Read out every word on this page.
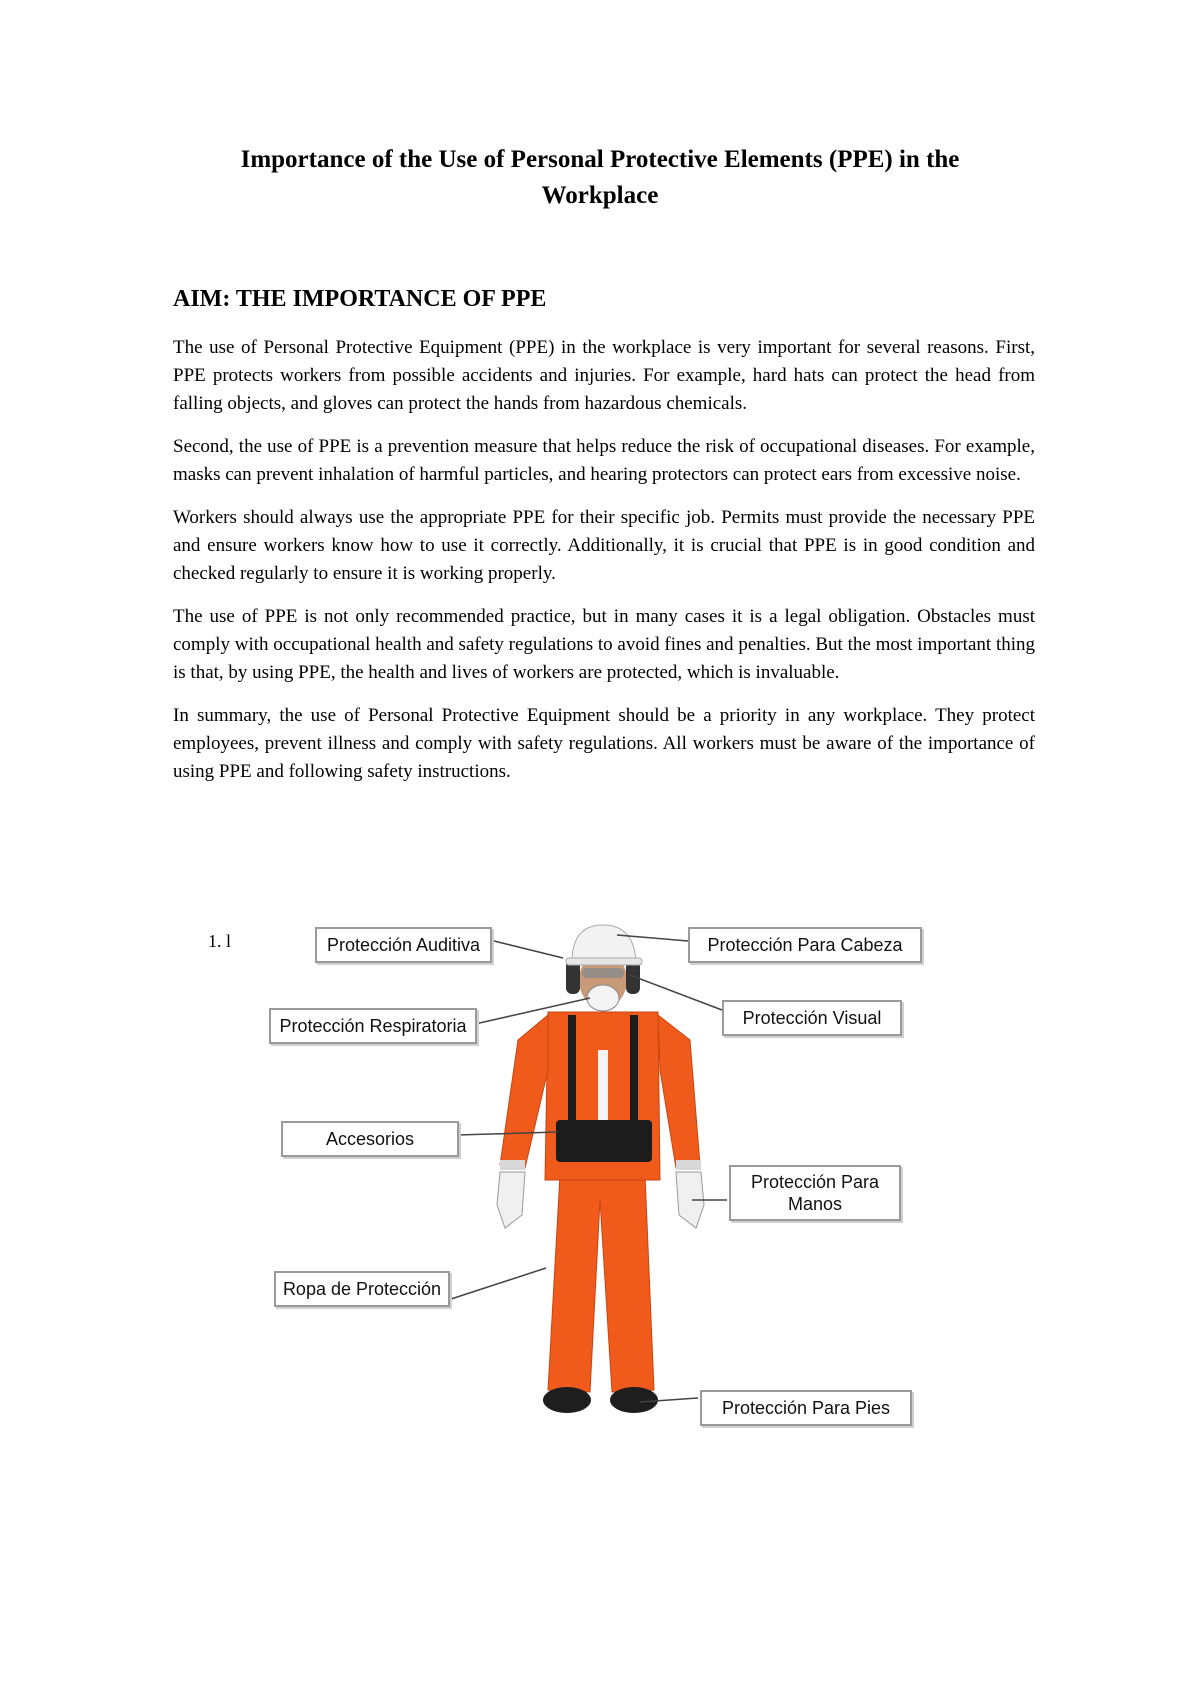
Importance of the Use of Personal Protective Elements (PPE) in the Workplace
AIM: THE IMPORTANCE OF PPE

The use of Personal Protective Equipment (PPE) in the workplace is very important for several reasons. First, PPE protects workers from possible accidents and injuries. For example, hard hats can protect the head from falling objects, and gloves can protect the hands from hazardous chemicals.

Second, the use of PPE is a prevention measure that helps reduce the risk of occupational diseases. For example, masks can prevent inhalation of harmful particles, and hearing protectors can protect ears from excessive noise.

Workers should always use the appropriate PPE for their specific job. Permits must provide the necessary PPE and ensure workers know how to use it correctly. Additionally, it is crucial that PPE is in good condition and checked regularly to ensure it is working properly.

The use of PPE is not only recommended practice, but in many cases it is a legal obligation. Obstacles must comply with occupational health and safety regulations to avoid fines and penalties. But the most important thing is that, by using PPE, the health and lives of workers are protected, which is invaluable.

In summary, the use of Personal Protective Equipment should be a priority in any workplace. They protect employees, prevent illness and comply with safety regulations. All workers must be aware of the importance of using PPE and following safety instructions.

1. l	Protección Auditiva	Protección Para Cabeza
Protección Respiratoria	Protección Visual
Accesorios
Protección Para Manos
Ropa de Protección
Protección Para Pies
